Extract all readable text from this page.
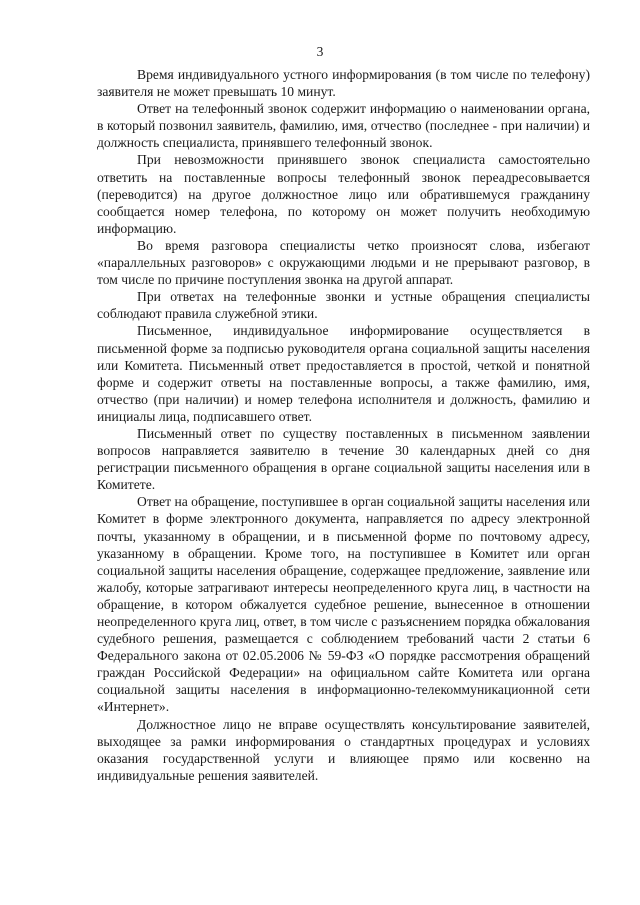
3

Время индивидуального устного информирования (в том числе по телефону) заявителя не может превышать 10 минут.

Ответ на телефонный звонок содержит информацию о наименовании органа, в который позвонил заявитель, фамилию, имя, отчество (последнее - при наличии) и должность специалиста, принявшего телефонный звонок.

При невозможности принявшего звонок специалиста самостоятельно ответить на поставленные вопросы телефонный звонок переадресовывается (переводится) на другое должностное лицо или обратившемуся гражданину сообщается номер телефона, по которому он может получить необходимую информацию.

Во время разговора специалисты четко произносят слова, избегают «параллельных разговоров» с окружающими людьми и не прерывают разговор, в том числе по причине поступления звонка на другой аппарат.

При ответах на телефонные звонки и устные обращения специалисты соблюдают правила служебной этики.

Письменное, индивидуальное информирование осуществляется в письменной форме за подписью руководителя органа социальной защиты населения или Комитета. Письменный ответ предоставляется в простой, четкой и понятной форме и содержит ответы на поставленные вопросы, а также фамилию, имя, отчество (при наличии) и номер телефона исполнителя и должность, фамилию и инициалы лица, подписавшего ответ.

Письменный ответ по существу поставленных в письменном заявлении вопросов направляется заявителю в течение 30 календарных дней со дня регистрации письменного обращения в органе социальной защиты населения или в Комитете.

Ответ на обращение, поступившее в орган социальной защиты населения или Комитет в форме электронного документа, направляется по адресу электронной почты, указанному в обращении, и в письменной форме по почтовому адресу, указанному в обращении. Кроме того, на поступившее в Комитет или орган социальной защиты населения обращение, содержащее предложение, заявление или жалобу, которые затрагивают интересы неопределенного круга лиц, в частности на обращение, в котором обжалуется судебное решение, вынесенное в отношении неопределенного круга лиц, ответ, в том числе с разъяснением порядка обжалования судебного решения, размещается с соблюдением требований части 2 статьи 6 Федерального закона от 02.05.2006 № 59-ФЗ «О порядке рассмотрения обращений граждан Российской Федерации» на официальном сайте Комитета или органа социальной защиты населения в информационно-телекоммуникационной сети «Интернет».

Должностное лицо не вправе осуществлять консультирование заявителей, выходящее за рамки информирования о стандартных процедурах и условиях оказания государственной услуги и влияющее прямо или косвенно на индивидуальные решения заявителей.
